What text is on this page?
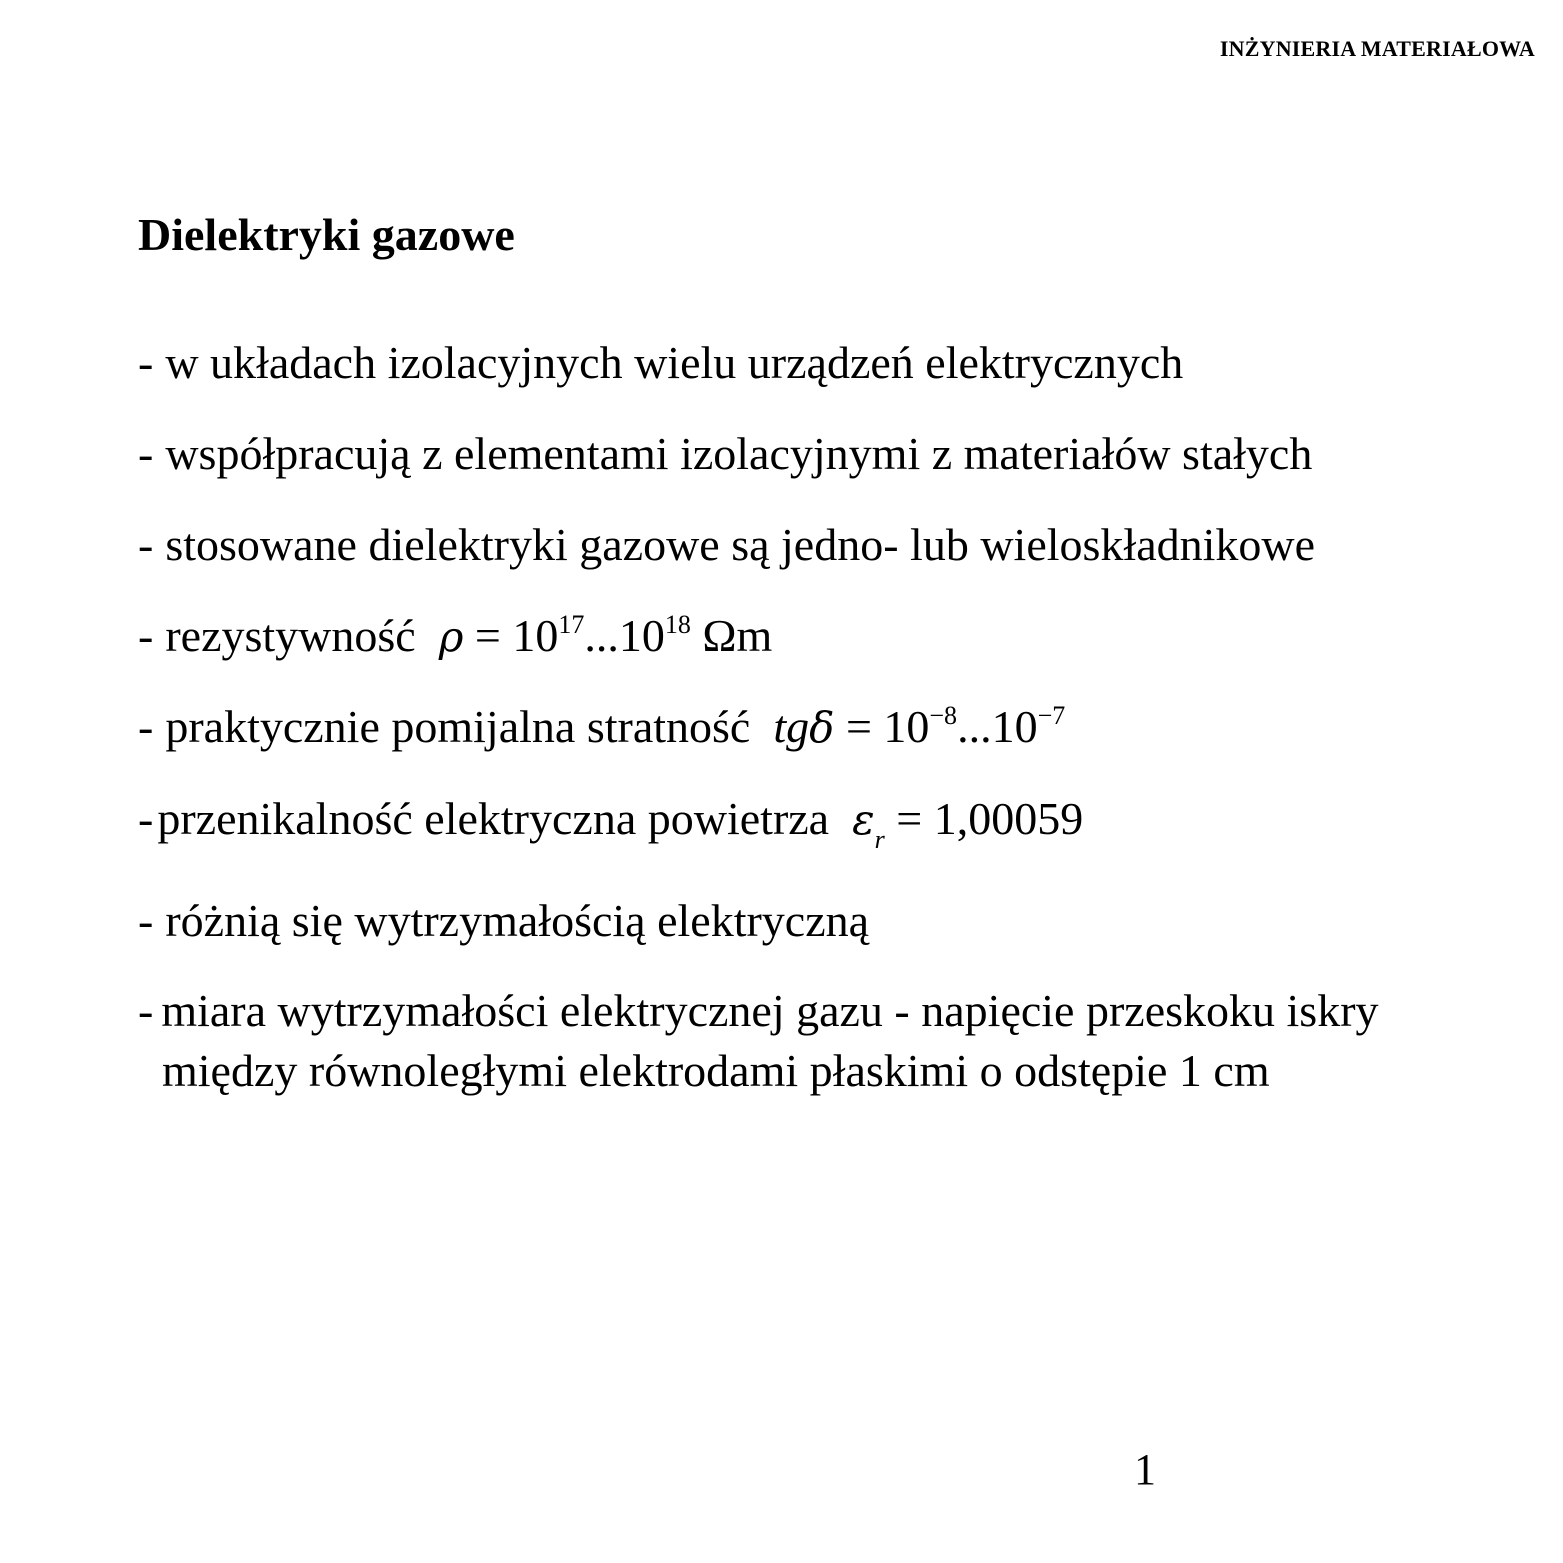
INŻYNIERIA MATERIAŁOWA
Dielektryki gazowe
- w układach izolacyjnych wielu urządzeń elektrycznych
- współpracują z elementami izolacyjnymi z materiałów stałych
- stosowane dielektryki gazowe są jedno- lub wieloskładnikowe
- rezystywność $\rho = 10^{17}...10^{18}$ Ωm
- praktycznie pomijalna stratność $tg\delta = 10^{-8}...10^{-7}$
-przenikalność elektryczna powietrza $\varepsilon_r = 1,00059$
- różnią się wytrzymałością elektryczną
- miara wytrzymałości elektrycznej gazu - napięcie przeskoku iskry
między równoległymi elektrodami płaskimi o odstępie 1 cm
1
